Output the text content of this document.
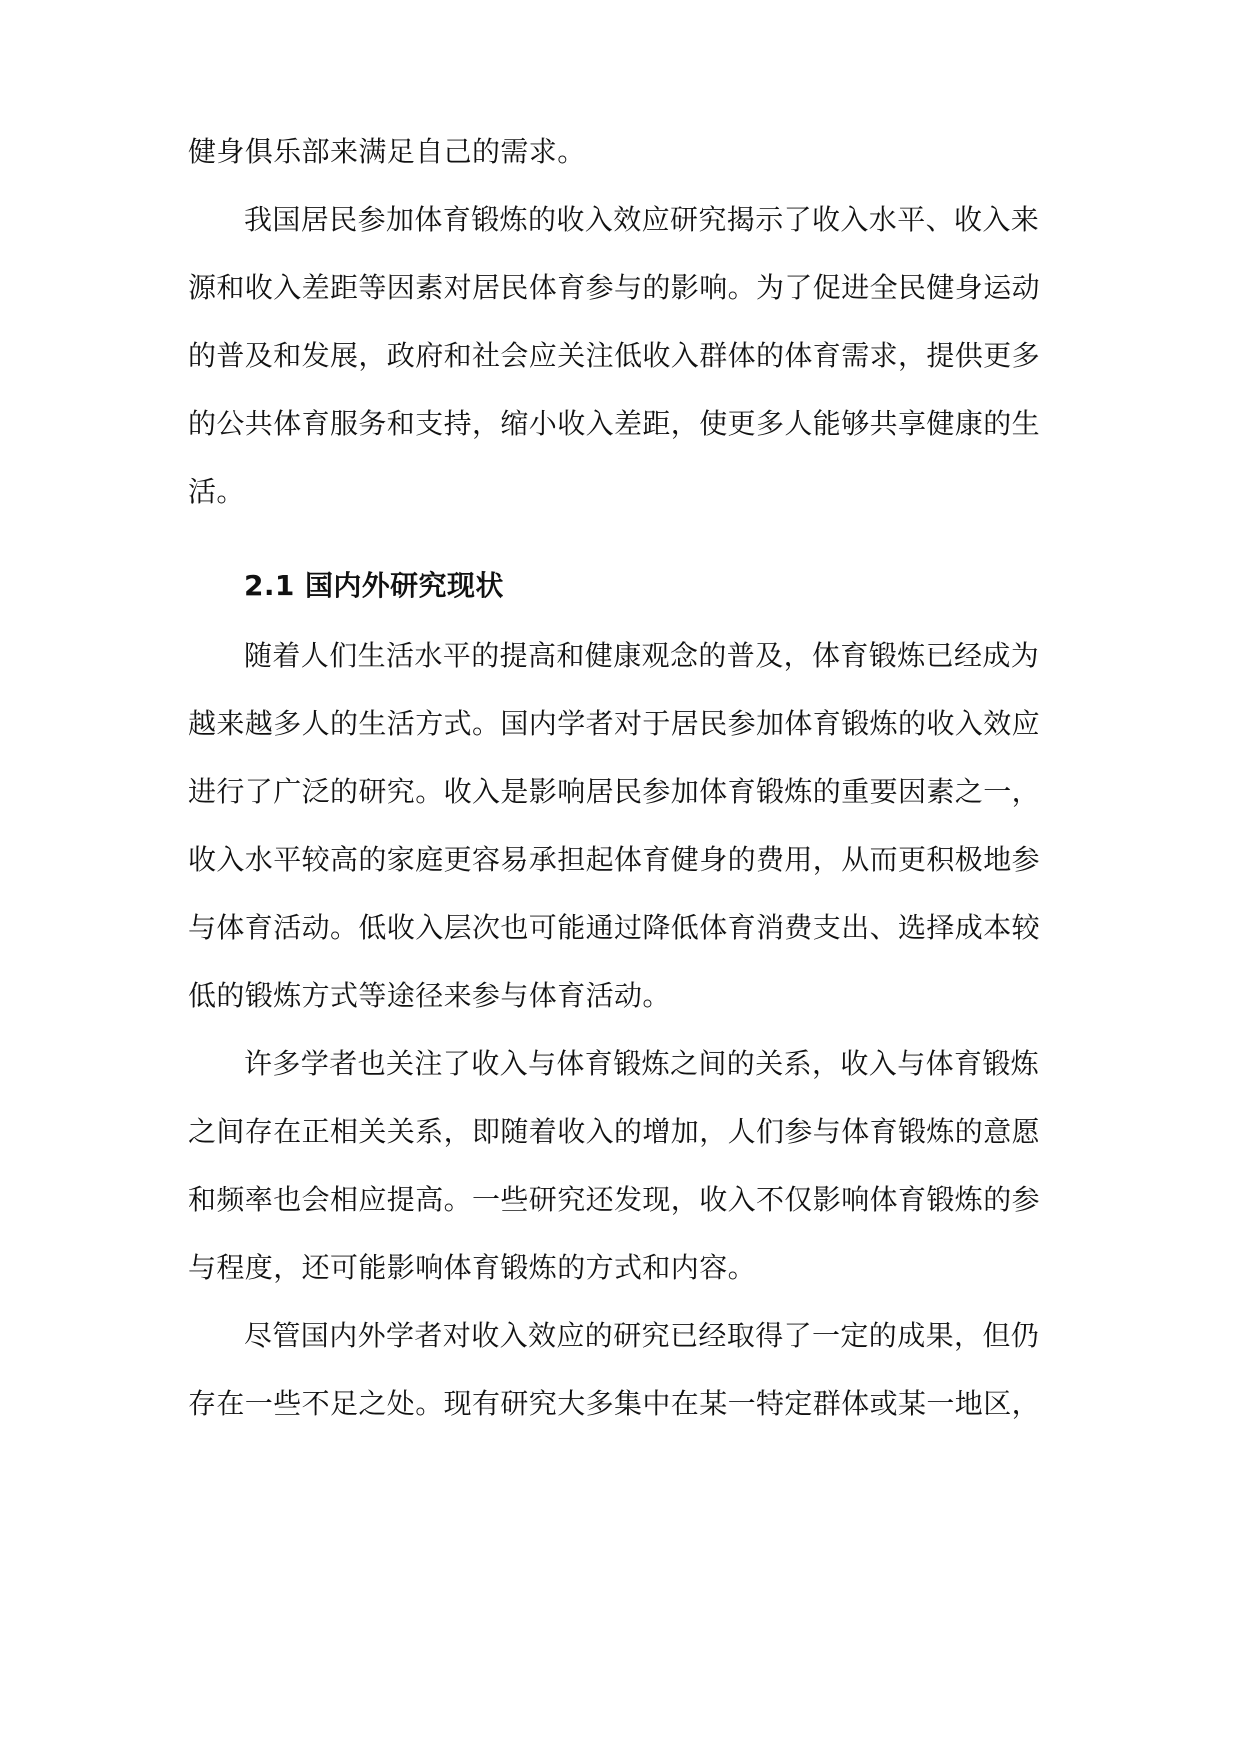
健身俱乐部来满足自己的需求。
我国居民参加体育锻炼的收入效应研究揭示了收入水平、收入来
源和收入差距等因素对居民体育参与的影响。为了促进全民健身运动
的普及和发展，政府和社会应关注低收入群体的体育需求，提供更多
的公共体育服务和支持，缩小收入差距，使更多人能够共享健康的生
活。
2.1 国内外研究现状
随着人们生活水平的提高和健康观念的普及，体育锻炼已经成为
越来越多人的生活方式。国内学者对于居民参加体育锻炼的收入效应
进行了广泛的研究。收入是影响居民参加体育锻炼的重要因素之一，
收入水平较高的家庭更容易承担起体育健身的费用，从而更积极地参
与体育活动。低收入层次也可能通过降低体育消费支出、选择成本较
低的锻炼方式等途径来参与体育活动。
许多学者也关注了收入与体育锻炼之间的关系，收入与体育锻炼
之间存在正相关关系，即随着收入的增加，人们参与体育锻炼的意愿
和频率也会相应提高。一些研究还发现，收入不仅影响体育锻炼的参
与程度，还可能影响体育锻炼的方式和内容。
尽管国内外学者对收入效应的研究已经取得了一定的成果，但仍
存在一些不足之处。现有研究大多集中在某一特定群体或某一地区，
